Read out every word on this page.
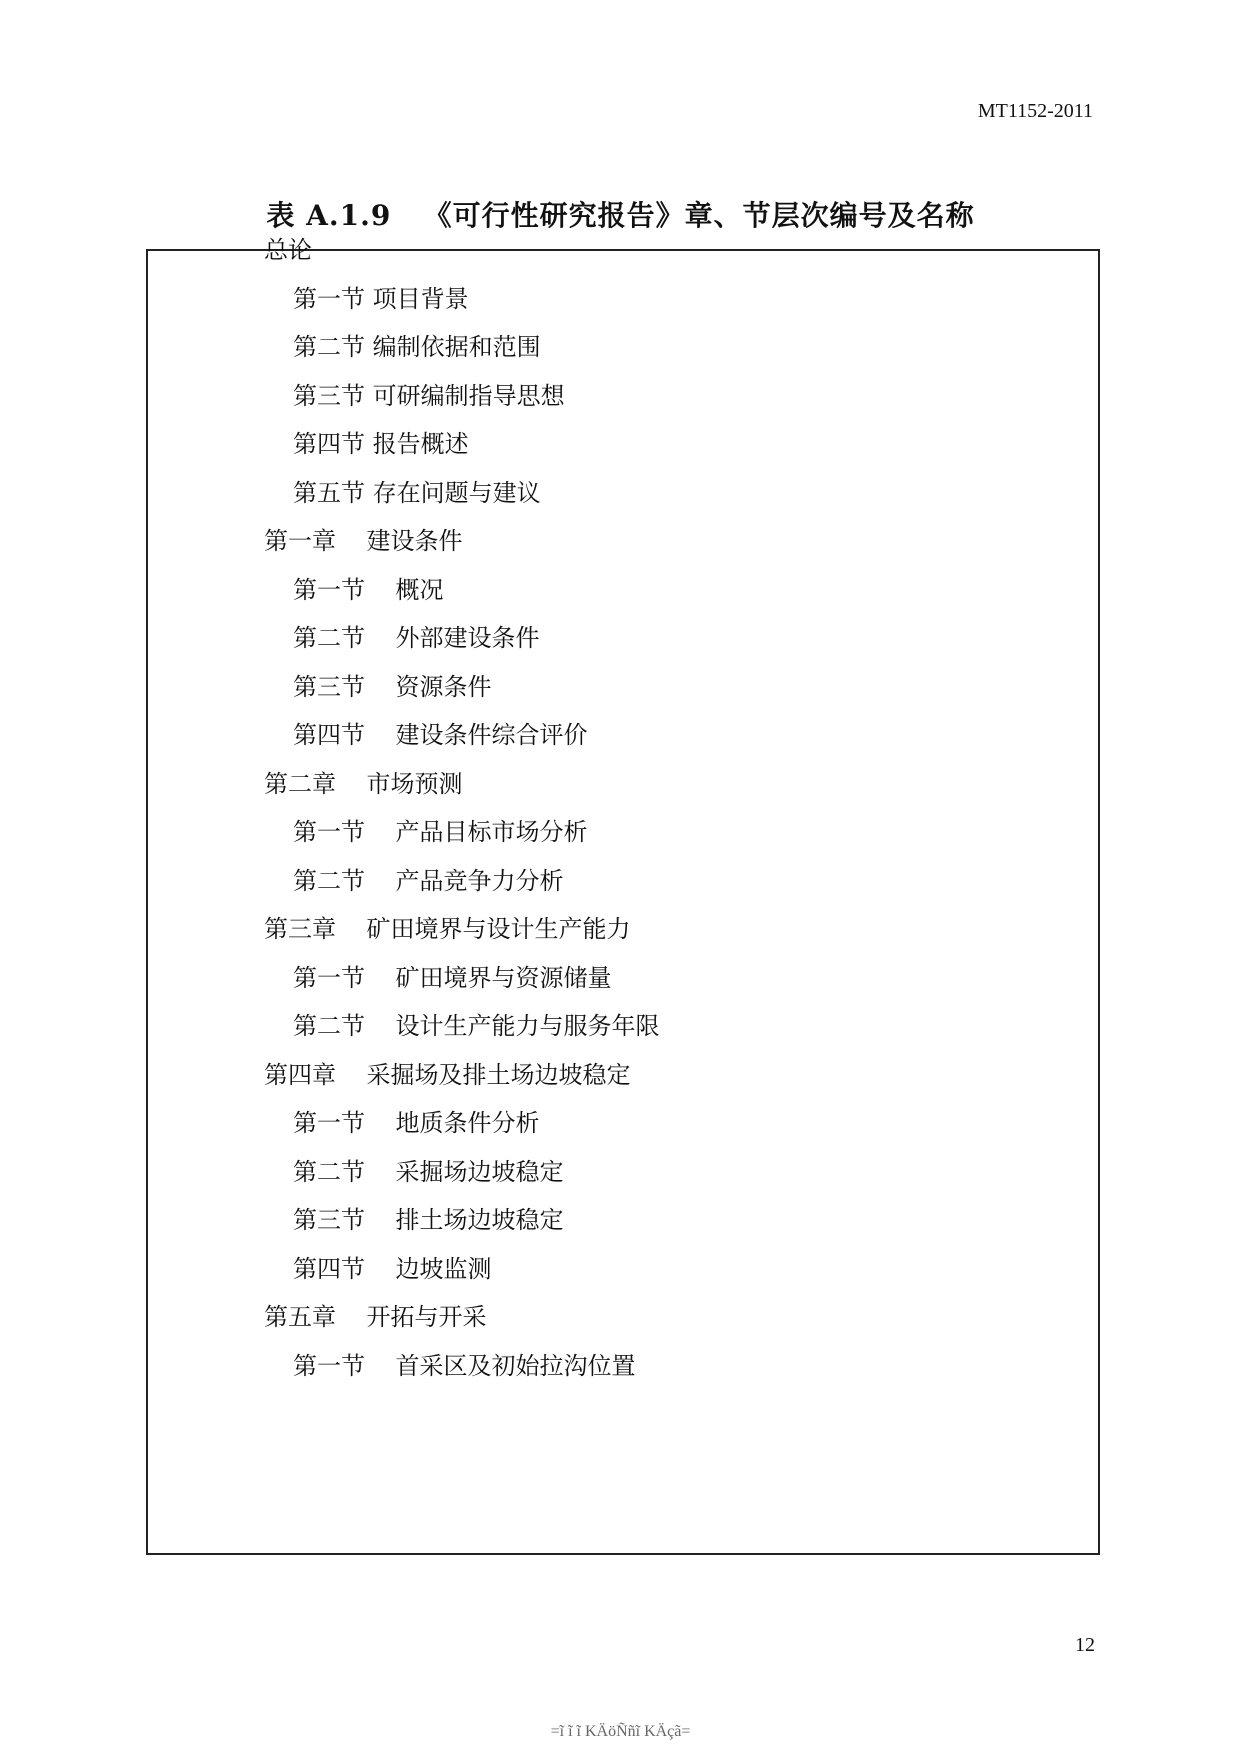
MT1152-2011
表 A.1.9   《可行性研究报告》章、节层次编号及名称
总论
第一节 项目背景
第二节 编制依据和范围
第三节 可研编制指导思想
第四节 报告概述
第五节 存在问题与建议
第一章    建设条件
第一节    概况
第二节    外部建设条件
第三节    资源条件
第四节    建设条件综合评价
第二章    市场预测
第一节    产品目标市场分析
第二节    产品竞争力分析
第三章    矿田境界与设计生产能力
第一节    矿田境界与资源储量
第二节    设计生产能力与服务年限
第四章    采掘场及排土场边坡稳定
第一节    地质条件分析
第二节    采掘场边坡稳定
第三节    排土场边坡稳定
第四节    边坡监测
第五章    开拓与开采
第一节    首采区及初始拉沟位置
12
=ĩ ĩ ĩ KÄöÑñĩ KÄçã=
